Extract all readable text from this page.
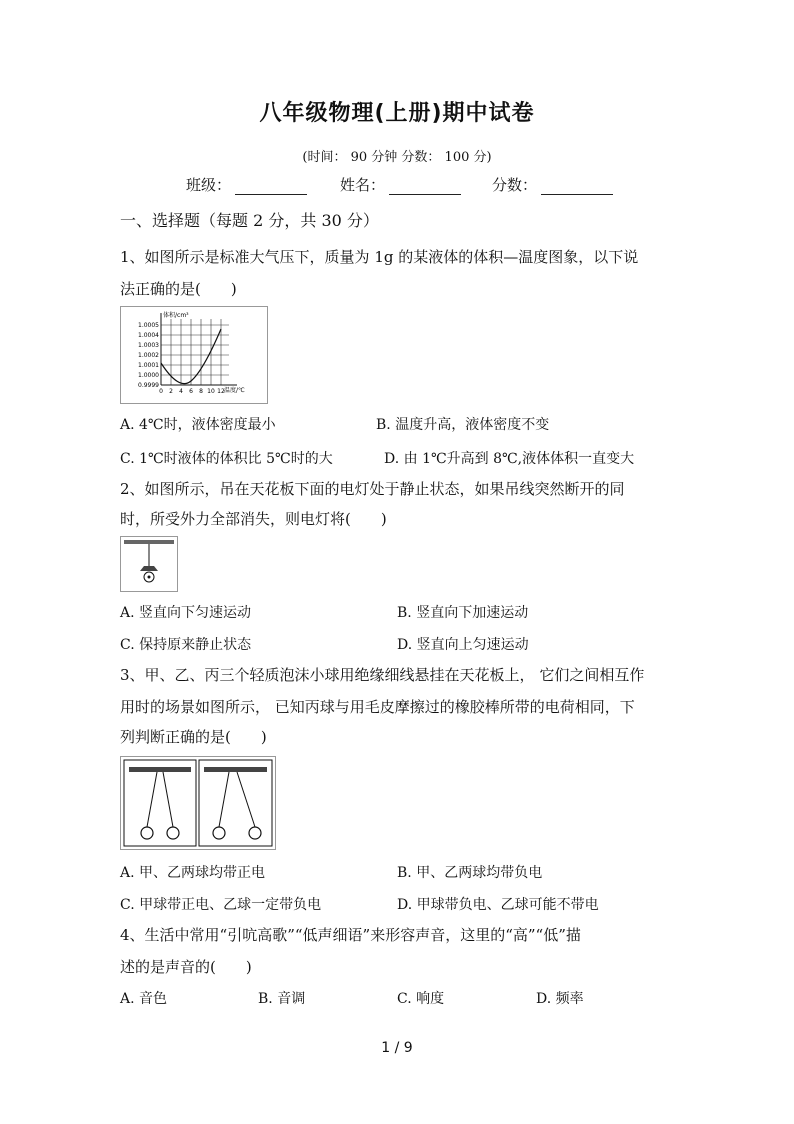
八年级物理(上册)期中试卷
(时间： 90 分钟 分数： 100 分)
班级：	姓名：	分数：
一、选择题（每题 2 分，共 30 分）
1、如图所示是标准大气压下，质量为 1g 的某液体的体积—温度图象，以下说
法正确的是(　　)
体积/cm³
温度/℃
1.0005
1.0004
1.0003
1.0002
1.0001
1.0000
0.9999
0 2 4 6 8 10 12
A. 4℃时，液体密度最小	B. 温度升高，液体密度不变
C. 1℃时液体的体积比 5℃时的大	D. 由 1℃升高到 8℃,液体体积一直变大
2、如图所示，吊在天花板下面的电灯处于静止状态，如果吊线突然断开的同
时，所受外力全部消失，则电灯将(　　)
A. 竖直向下匀速运动	B. 竖直向下加速运动
C. 保持原来静止状态	D. 竖直向上匀速运动
3、甲、乙、丙三个轻质泡沫小球用绝缘细线悬挂在天花板上， 它们之间相互作
用时的场景如图所示， 已知丙球与用毛皮摩擦过的橡胶棒所带的电荷相同，下
列判断正确的是(　　)
A. 甲、乙两球均带正电	B. 甲、乙两球均带负电
C. 甲球带正电、乙球一定带负电	D. 甲球带负电、乙球可能不带电
4、生活中常用“引吭高歌”“低声细语”来形容声音，这里的“高”“低”描
述的是声音的(　　)
A. 音色	B. 音调	C. 响度	D. 频率
1 / 9
